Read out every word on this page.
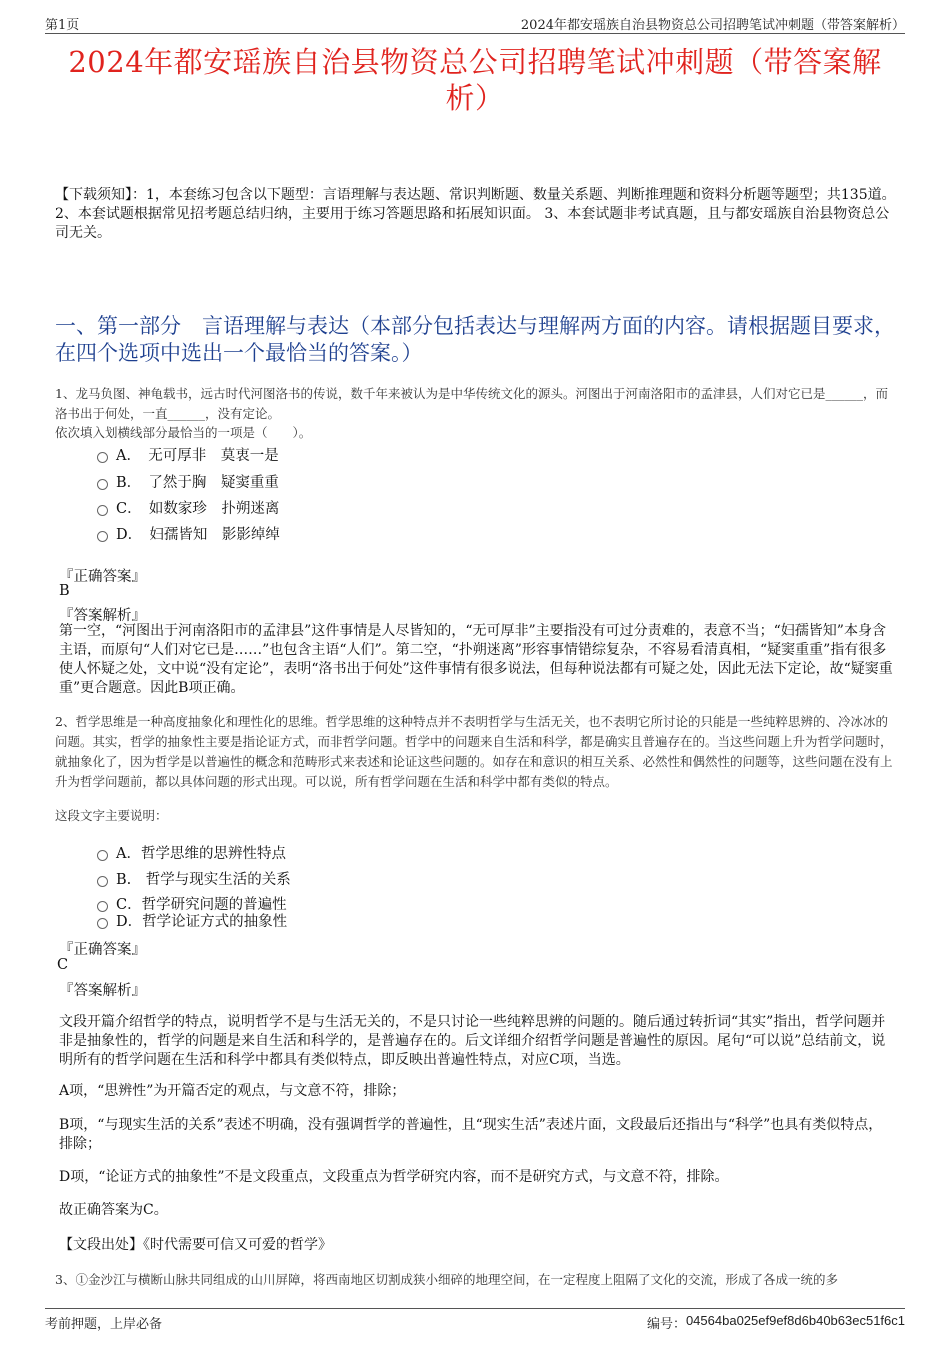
第1页	2024年都安瑶族自治县物资总公司招聘笔试冲刺题（带答案解析）
2024年都安瑶族自治县物资总公司招聘笔试冲刺题（带答案解析）
【下载须知】：1，本套练习包含以下题型：言语理解与表达题、常识判断题、数量关系题、判断推理题和资料分析题等题型；共135道。 2、本套试题根据常见招考题总结归纳，主要用于练习答题思路和拓展知识面。 3、本套试题非考试真题，且与都安瑶族自治县物资总公司无关。
一、第一部分　言语理解与表达（本部分包括表达与理解两方面的内容。请根据题目要求，在四个选项中选出一个最恰当的答案。）
1、龙马负图、神龟载书，远古时代河图洛书的传说，数千年来被认为是中华传统文化的源头。河图出于河南洛阳市的孟津县，人们对它已是______，而洛书出于何处，一直______，没有定论。
依次填入划横线部分最恰当的一项是（　　）。
A．　无可厚非　莫衷一是
B．　了然于胸　疑窦重重
C．　如数家珍　扑朔迷离
D．　妇孺皆知　影影绰绰
『正确答案』
B
『答案解析』
第一空，“河图出于河南洛阳市的孟津县”这件事情是人尽皆知的，“无可厚非”主要指没有可过分责难的，表意不当；“妇孺皆知”本身含主语，而原句“人们对它已是……”也包含主语“人们”。第二空，“扑朔迷离”形容事情错综复杂，不容易看清真相，“疑窦重重”指有很多使人怀疑之处，文中说“没有定论”，表明“洛书出于何处”这件事情有很多说法，但每种说法都有可疑之处，因此无法下定论，故“疑窦重重”更合题意。因此B项正确。
2、哲学思维是一种高度抽象化和理性化的思维。哲学思维的这种特点并不表明哲学与生活无关，也不表明它所讨论的只能是一些纯粹思辨的、冷冰冰的问题。其实，哲学的抽象性主要是指论证方式，而非哲学问题。哲学中的问题来自生活和科学，都是确实且普遍存在的。当这些问题上升为哲学问题时，就抽象化了，因为哲学是以普遍性的概念和范畴形式来表述和论证这些问题的。如存在和意识的相互关系、必然性和偶然性的问题等，这些问题在没有上升为哲学问题前，都以具体问题的形式出现。可以说，所有哲学问题在生活和科学中都有类似的特点。
这段文字主要说明：
A．哲学思维的思辨性特点
B.　哲学与现实生活的关系
C．哲学研究问题的普遍性
D．哲学论证方式的抽象性
『正确答案』
C
『答案解析』
文段开篇介绍哲学的特点，说明哲学不是与生活无关的，不是只讨论一些纯粹思辨的问题的。随后通过转折词“其实”指出，哲学问题并非是抽象性的，哲学的问题是来自生活和科学的，是普遍存在的。后文详细介绍哲学问题是普遍性的原因。尾句“可以说”总结前文，说明所有的哲学问题在生活和科学中都具有类似特点，即反映出普遍性特点，对应C项，当选。
A项，“思辨性”为开篇否定的观点，与文意不符，排除；
B项，“与现实生活的关系”表述不明确，没有强调哲学的普遍性，且“现实生活”表述片面，文段最后还指出与“科学”也具有类似特点，排除；
D项，“论证方式的抽象性”不是文段重点，文段重点为哲学研究内容，而不是研究方式，与文意不符，排除。
故正确答案为C。
【文段出处】《时代需要可信又可爱的哲学》
3、①金沙江与横断山脉共同组成的山川屏障，将西南地区切割成狭小细碎的地理空间，在一定程度上阻隔了文化的交流，形成了各成一统的多
考前押题，上岸必备	编号： 04564ba025ef9ef8d6b40b63ec51f6c1
